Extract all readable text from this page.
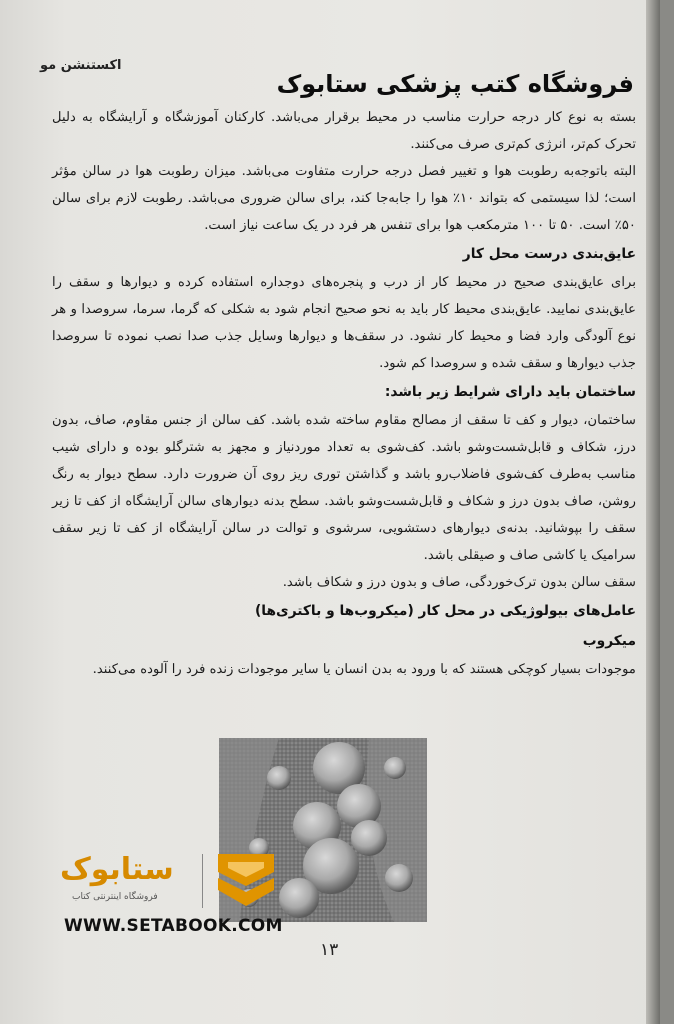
اکستنشن مو
فروشگاه کتب پزشکی ستابوک

بسته به نوع کار درجه حرارت مناسب در محیط برقرار می‌باشد. کارکنان آموزشگاه و آرایشگاه به دلیل تحرک کم‌تر، انرژی کم‌تری صرف می‌کنند.

البته باتوجه‌به رطوبت هوا و تغییر فصل درجه حرارت متفاوت می‌باشد. میزان رطوبت هوا در سالن مؤثر است؛ لذا سیستمی که بتواند ۱۰٪ هوا را جابه‌جا کند، برای سالن ضروری می‌باشد. رطوبت لازم برای سالن ۵۰٪ است. ۵۰ تا ۱۰۰ مترمکعب هوا برای تنفس هر فرد در یک ساعت نیاز است.

عایق‌بندی درست محل کار

برای عایق‌بندی صحیح در محیط کار از درب و پنجره‌های دوجداره استفاده کرده و دیوارها و سقف را عایق‌بندی نمایید. عایق‌بندی محیط کار باید به نحو صحیح انجام شود به شکلی که گرما، سرما، سروصدا و هر نوع آلودگی وارد فضا و محیط کار نشود. در سقف‌ها و دیوارها وسایل جذب صدا نصب نموده تا سروصدا جذب دیوارها و سقف شده و سروصدا کم شود.

ساختمان باید دارای شرایط زیر باشد:

ساختمان، دیوار و کف تا سقف از مصالح مقاوم ساخته شده باشد. کف سالن از جنس مقاوم، صاف، بدون درز، شکاف و قابل‌شست‌وشو باشد. کف‌شوی به تعداد موردنیاز و مجهز به شترگلو بوده و دارای شیب مناسب به‌طرف کف‌شوی فاضلاب‌رو باشد و گذاشتن توری ریز روی آن ضرورت دارد. سطح دیوار به رنگ روشن، صاف بدون درز و شکاف و قابل‌شست‌وشو باشد. سطح بدنه دیوارهای سالن آرایشگاه از کف تا زیر سقف را بپوشانید. بدنه‌ی دیوارهای دستشویی، سرشوی و توالت در سالن آرایشگاه از کف تا زیر سقف سرامیک یا کاشی صاف و صیقلی باشد.

سقف سالن بدون ترک‌خوردگی، صاف و بدون درز و شکاف باشد.

عامل‌های بیولوژیکی در محل کار (میکروب‌ها و باکتری‌ها)
میکروب

موجودات بسیار کوچکی هستند که با ورود به بدن انسان یا سایر موجودات زنده فرد را آلوده می‌کنند.

ستابوک
فروشگاه اینترنتی کتاب
WWW.SETABOOK.COM
۱۳
